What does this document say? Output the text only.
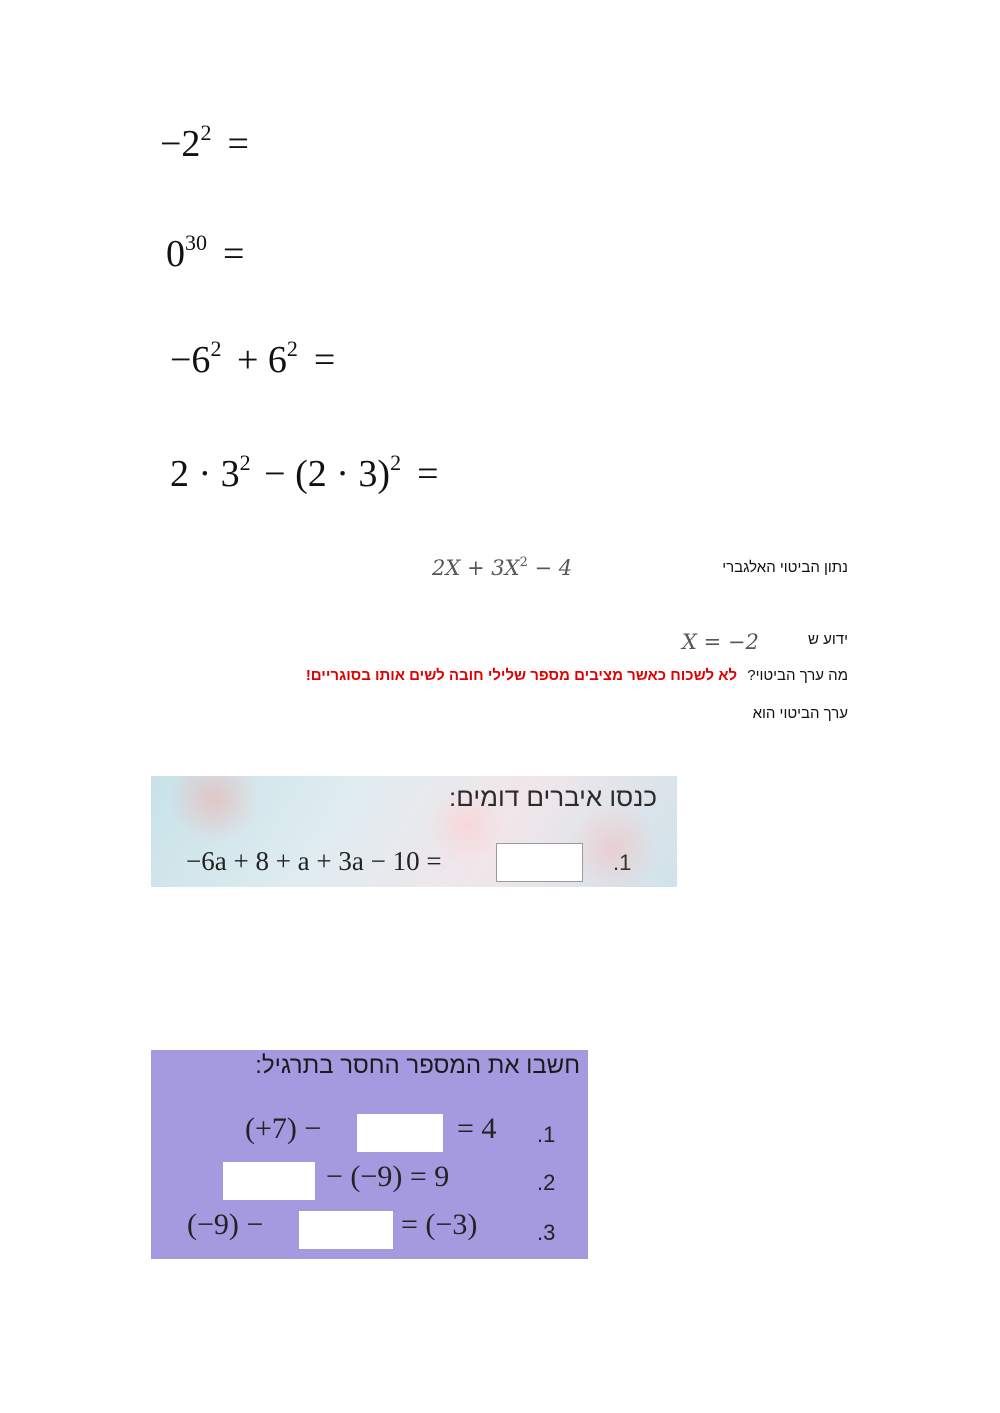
$-2^2$ =
$0^{30}$ =
$-6^2 + 6^2$ =
$2 \cdot 3^2 - (2 \cdot 3)^2$ =
נתון הביטוי האלגברי
$2X + 3X^2 - 4$
ידוע ש
X = −2
מה ערך הביטוי? לא לשכוח כאשר מציבים מספר שלילי חובה לשים אותו בסוגריים!
ערך הביטוי הוא
כנסו איברים דומים:
−6a + 8 + a + 3a − 10 =	.1
חשבו את המספר החסר בתרגיל:
(+7) −	= 4 .1
− (−9) = 9	.2
(−9) −	= (−3)	.3
